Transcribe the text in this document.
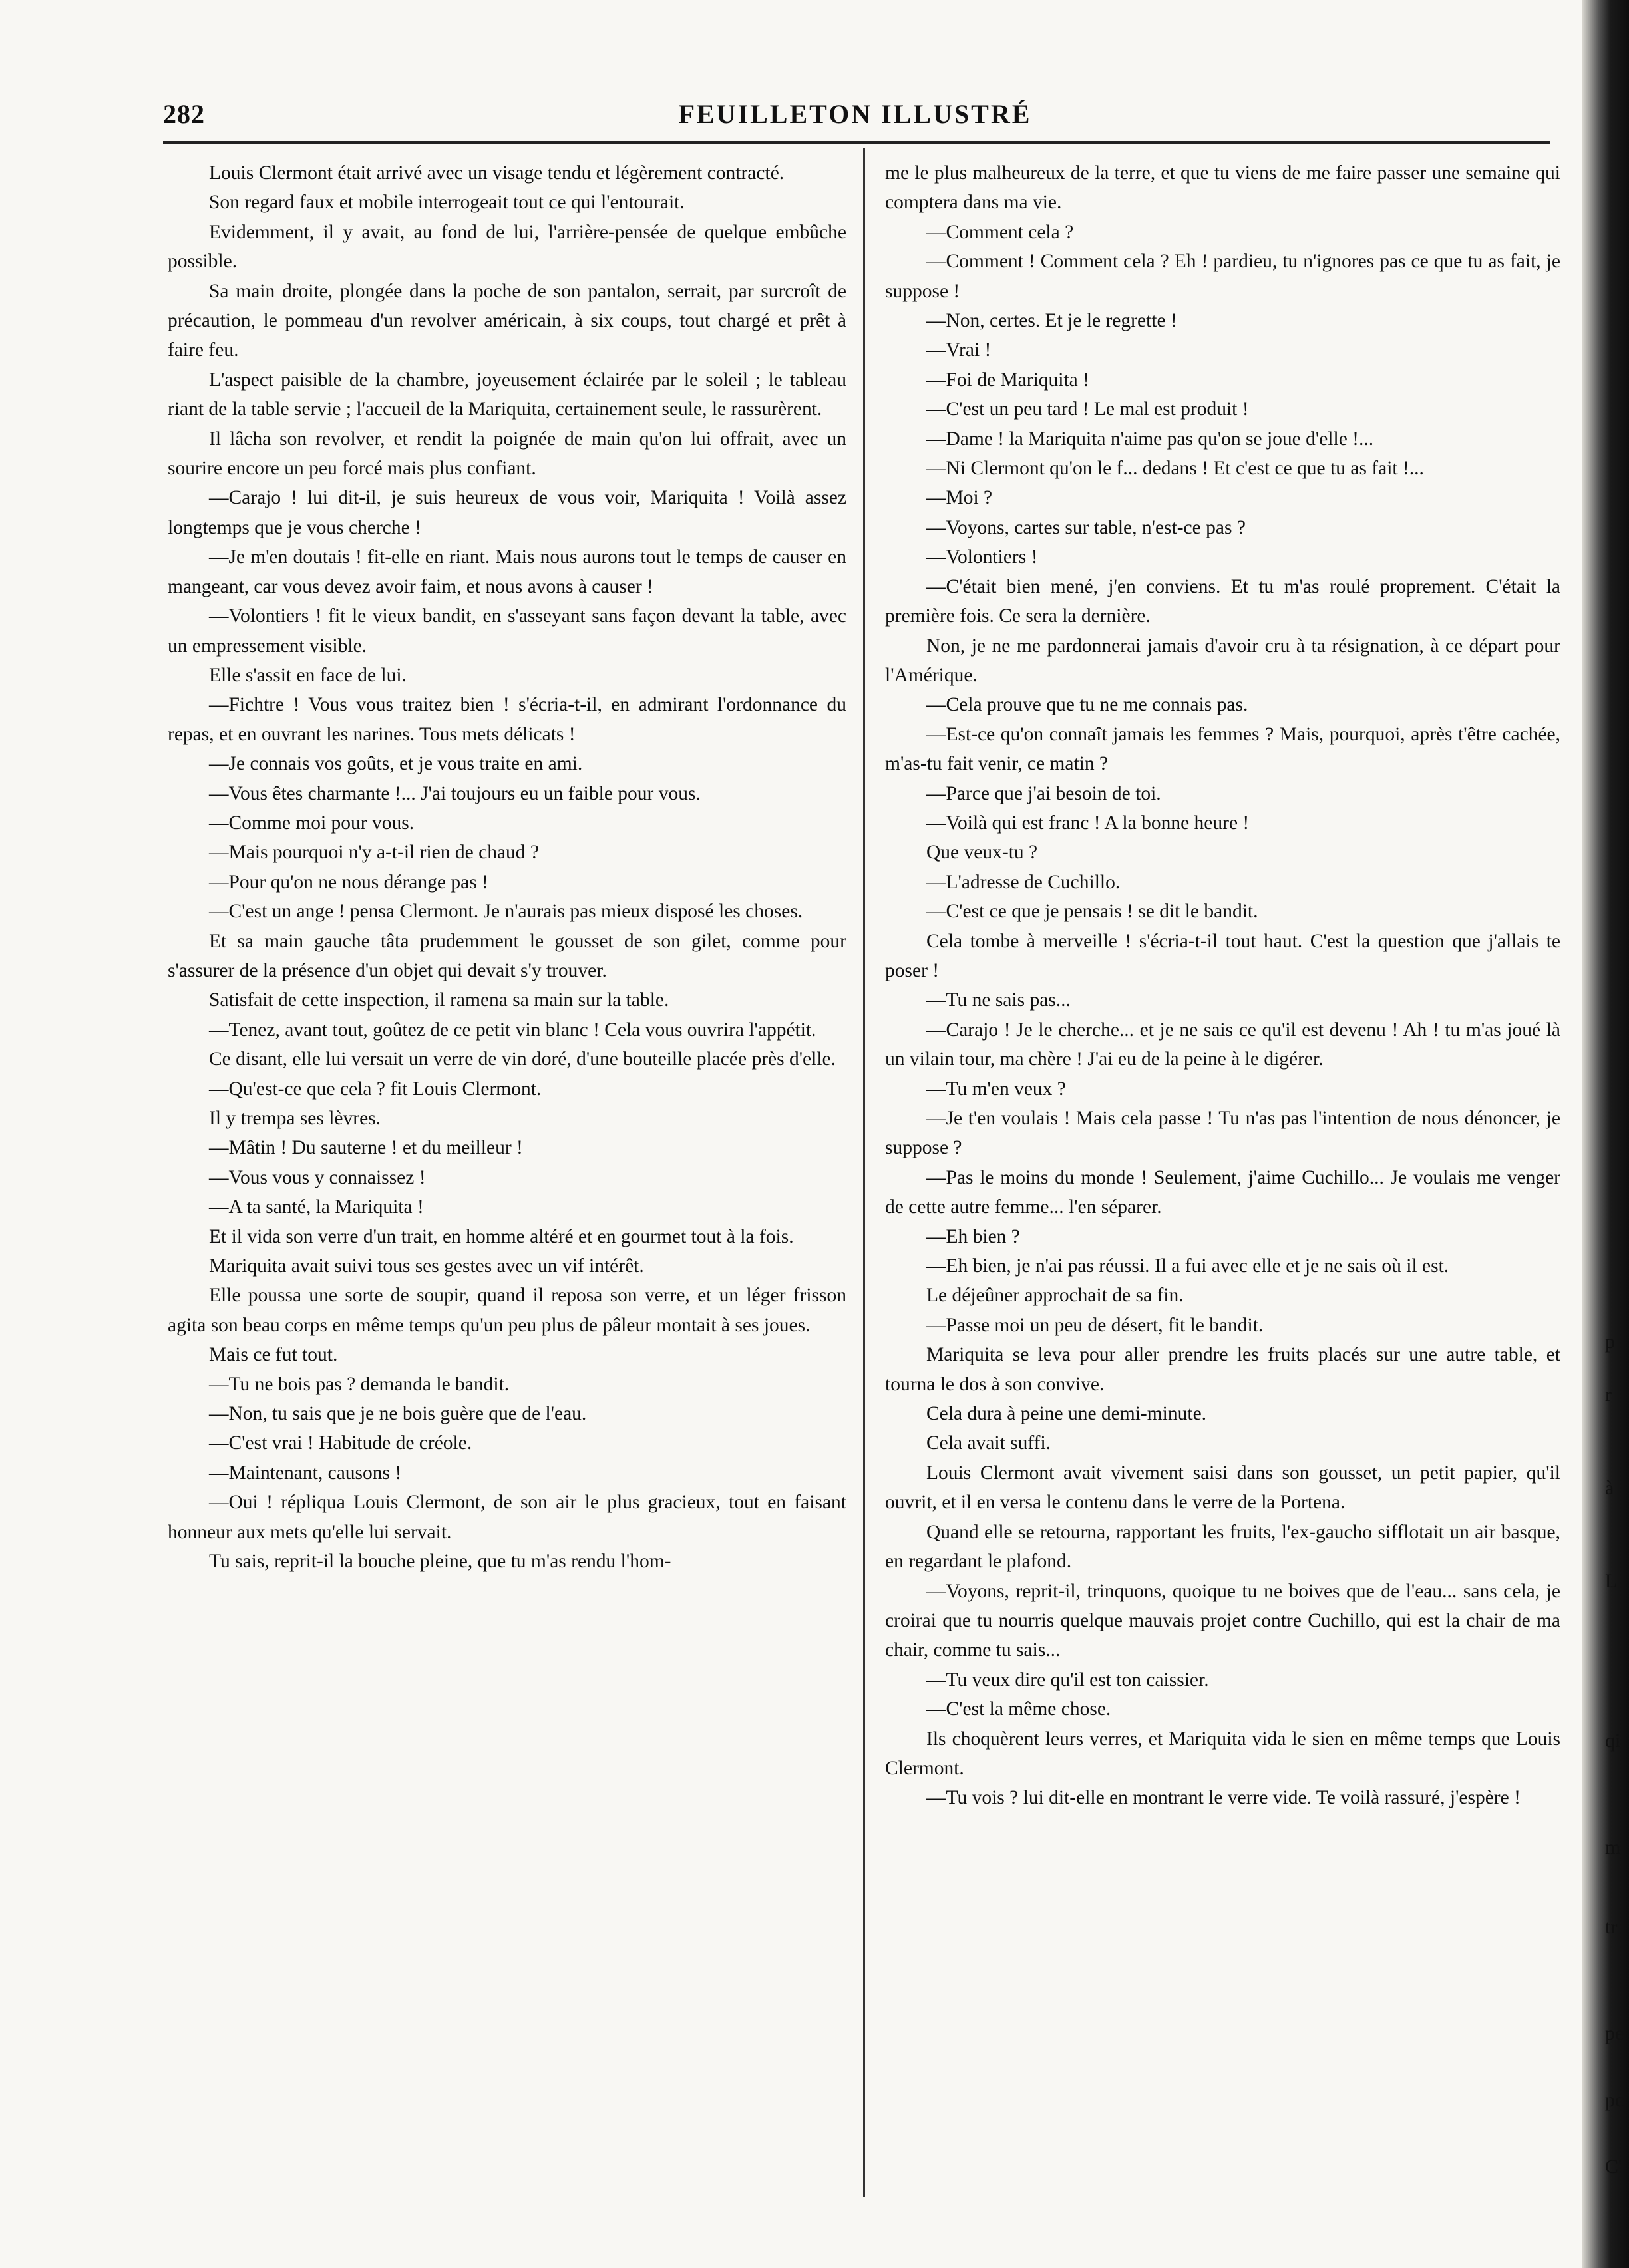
282	FEUILLETON ILLUSTRÉ

Louis Clermont était arrivé avec un visage tendu et légèrement contracté.

Son regard faux et mobile interrogeait tout ce qui l'entourait.

Evidemment, il y avait, au fond de lui, l'arrière-pensée de quelque embûche possible.

Sa main droite, plongée dans la poche de son pantalon, serrait, par surcroît de précaution, le pommeau d'un revolver américain, à six coups, tout chargé et prêt à faire feu.

L'aspect paisible de la chambre, joyeusement éclairée par le soleil ; le tableau riant de la table servie ; l'accueil de la Mariquita, certainement seule, le rassurèrent.

Il lâcha son revolver, et rendit la poignée de main qu'on lui offrait, avec un sourire encore un peu forcé mais plus confiant.

—Carajo ! lui dit-il, je suis heureux de vous voir, Mariquita ! Voilà assez longtemps que je vous cherche !

—Je m'en doutais ! fit-elle en riant. Mais nous aurons tout le temps de causer en mangeant, car vous devez avoir faim, et nous avons à causer !

—Volontiers ! fit le vieux bandit, en s'asseyant sans façon devant la table, avec un empressement visible.

Elle s'assit en face de lui.

—Fichtre ! Vous vous traitez bien ! s'écria-t-il, en admirant l'ordonnance du repas, et en ouvrant les narines. Tous mets délicats !

—Je connais vos goûts, et je vous traite en ami.

—Vous êtes charmante !... J'ai toujours eu un faible pour vous.

—Comme moi pour vous.

—Mais pourquoi n'y a-t-il rien de chaud ?

—Pour qu'on ne nous dérange pas !

—C'est un ange ! pensa Clermont. Je n'aurais pas mieux disposé les choses.

Et sa main gauche tâta prudemment le gousset de son gilet, comme pour s'assurer de la présence d'un objet qui devait s'y trouver.

Satisfait de cette inspection, il ramena sa main sur la table.

—Tenez, avant tout, goûtez de ce petit vin blanc ! Cela vous ouvrira l'appétit.

Ce disant, elle lui versait un verre de vin doré, d'une bouteille placée près d'elle.

—Qu'est-ce que cela ? fit Louis Clermont.

Il y trempa ses lèvres.

—Mâtin ! Du sauterne ! et du meilleur !

—Vous vous y connaissez !

—A ta santé, la Mariquita !

Et il vida son verre d'un trait, en homme altéré et en gourmet tout à la fois.

Mariquita avait suivi tous ses gestes avec un vif intérêt.

Elle poussa une sorte de soupir, quand il reposa son verre, et un léger frisson agita son beau corps en même temps qu'un peu plus de pâleur montait à ses joues.

Mais ce fut tout.

—Tu ne bois pas ? demanda le bandit.

—Non, tu sais que je ne bois guère que de l'eau.

—C'est vrai ! Habitude de créole.

—Maintenant, causons !

—Oui ! répliqua Louis Clermont, de son air le plus gracieux, tout en faisant honneur aux mets qu'elle lui servait.

Tu sais, reprit-il la bouche pleine, que tu m'as rendu l'hom-

me le plus malheureux de la terre, et que tu viens de me faire passer une semaine qui comptera dans ma vie.

—Comment cela ?

—Comment ! Comment cela ? Eh ! pardieu, tu n'ignores pas ce que tu as fait, je suppose !

—Non, certes. Et je le regrette !

—Vrai !

—Foi de Mariquita !

—C'est un peu tard ! Le mal est produit !

—Dame ! la Mariquita n'aime pas qu'on se joue d'elle !...

—Ni Clermont qu'on le f... dedans ! Et c'est ce que tu as fait !...

—Moi ?

—Voyons, cartes sur table, n'est-ce pas ?

—Volontiers !

—C'était bien mené, j'en conviens. Et tu m'as roulé proprement. C'était la première fois. Ce sera la dernière.

Non, je ne me pardonnerai jamais d'avoir cru à ta résignation, à ce départ pour l'Amérique.

—Cela prouve que tu ne me connais pas.

—Est-ce qu'on connaît jamais les femmes ? Mais, pourquoi, après t'être cachée, m'as-tu fait venir, ce matin ?

—Parce que j'ai besoin de toi.

—Voilà qui est franc ! A la bonne heure !

Que veux-tu ?

—L'adresse de Cuchillo.

—C'est ce que je pensais ! se dit le bandit.

Cela tombe à merveille ! s'écria-t-il tout haut. C'est la question que j'allais te poser !

—Tu ne sais pas...

—Carajo ! Je le cherche... et je ne sais ce qu'il est devenu ! Ah ! tu m'as joué là un vilain tour, ma chère ! J'ai eu de la peine à le digérer.

—Tu m'en veux ?

—Je t'en voulais ! Mais cela passe ! Tu n'as pas l'intention de nous dénoncer, je suppose ?

—Pas le moins du monde ! Seulement, j'aime Cuchillo... Je voulais me venger de cette autre femme... l'en séparer.

—Eh bien ?

—Eh bien, je n'ai pas réussi. Il a fui avec elle et je ne sais où il est.

Le déjeûner approchait de sa fin.

—Passe moi un peu de désert, fit le bandit.

Mariquita se leva pour aller prendre les fruits placés sur une autre table, et tourna le dos à son convive.

Cela dura à peine une demi-minute.

Cela avait suffi.

Louis Clermont avait vivement saisi dans son gousset, un petit papier, qu'il ouvrit, et il en versa le contenu dans le verre de la Portena.

Quand elle se retourna, rapportant les fruits, l'ex-gaucho sifflotait un air basque, en regardant le plafond.

—Voyons, reprit-il, trinquons, quoique tu ne boives que de l'eau... sans cela, je croirai que tu nourris quelque mauvais projet contre Cuchillo, qui est la chair de ma chair, comme tu sais...

—Tu veux dire qu'il est ton caissier.

—C'est la même chose.

Ils choquèrent leurs verres, et Mariquita vida le sien en même temps que Louis Clermont.

—Tu vois ? lui dit-elle en montrant le verre vide. Te voilà rassuré, j'espère !

p
r
à
L
qi
m
tr
pe
pc
C'
